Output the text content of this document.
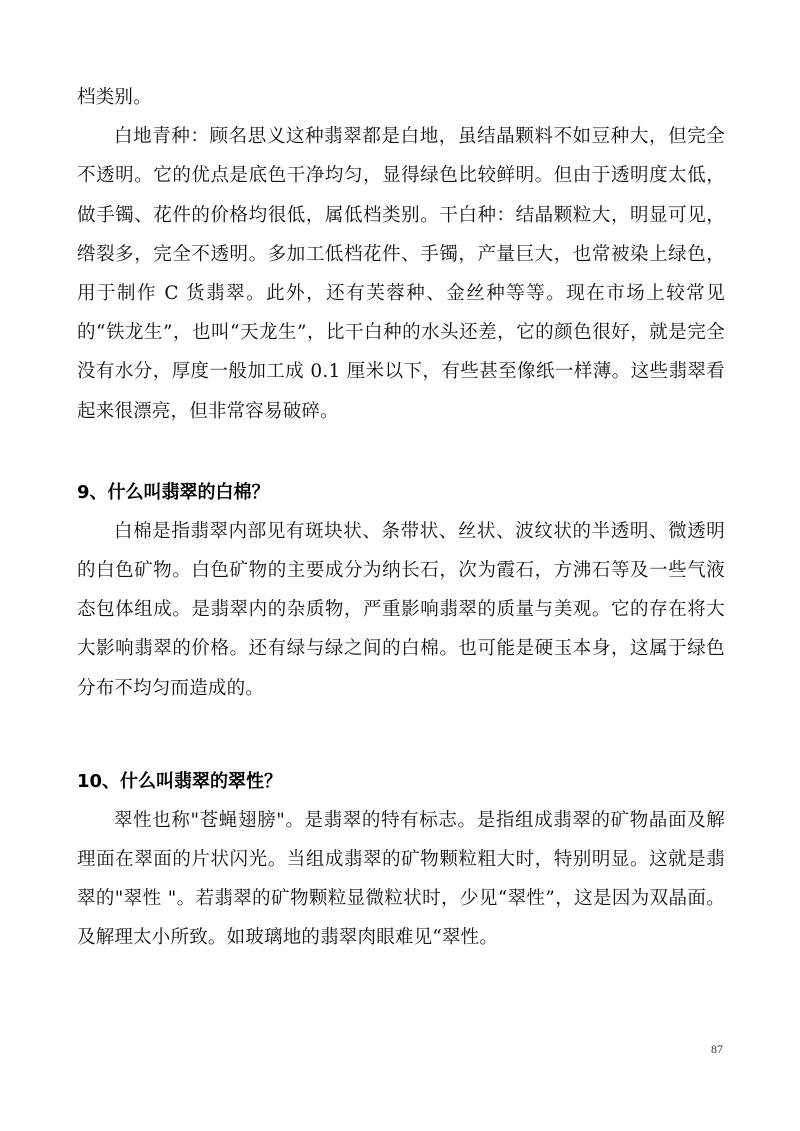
档类别。

白地青种：顾名思义这种翡翠都是白地，虽结晶颗料不如豆种大，但完全不透明。它的优点是底色干净均匀，显得绿色比较鲜明。但由于透明度太低，做手镯、花件的价格均很低，属低档类别。干白种：结晶颗粒大，明显可见，绺裂多，完全不透明。多加工低档花件、手镯，产量巨大，也常被染上绿色，用于制作 C 货翡翠。此外，还有芙蓉种、金丝种等等。现在市场上较常见的“铁龙生”，也叫“天龙生”，比干白种的水头还差，它的颜色很好，就是完全没有水分，厚度一般加工成 0.1 厘米以下，有些甚至像纸一样薄。这些翡翠看起来很漂亮，但非常容易破碎。

9、什么叫翡翠的白棉？

白棉是指翡翠内部见有斑块状、条带状、丝状、波纹状的半透明、微透明的白色矿物。白色矿物的主要成分为纳长石，次为霞石，方沸石等及一些气液态包体组成。是翡翠内的杂质物，严重影响翡翠的质量与美观。它的存在将大大影响翡翠的价格。还有绿与绿之间的白棉。也可能是硬玉本身，这属于绿色分布不均匀而造成的。

10、什么叫翡翠的翠性？

翠性也称"苍蝇翅膀"。是翡翠的特有标志。是指组成翡翠的矿物晶面及解理面在翠面的片状闪光。当组成翡翠的矿物颗粒粗大时，特别明显。这就是翡翠的"翠性 "。若翡翠的矿物颗粒显微粒状时，少见“翠性”，这是因为双晶面。及解理太小所致。如玻璃地的翡翠肉眼难见“翠性。

87
